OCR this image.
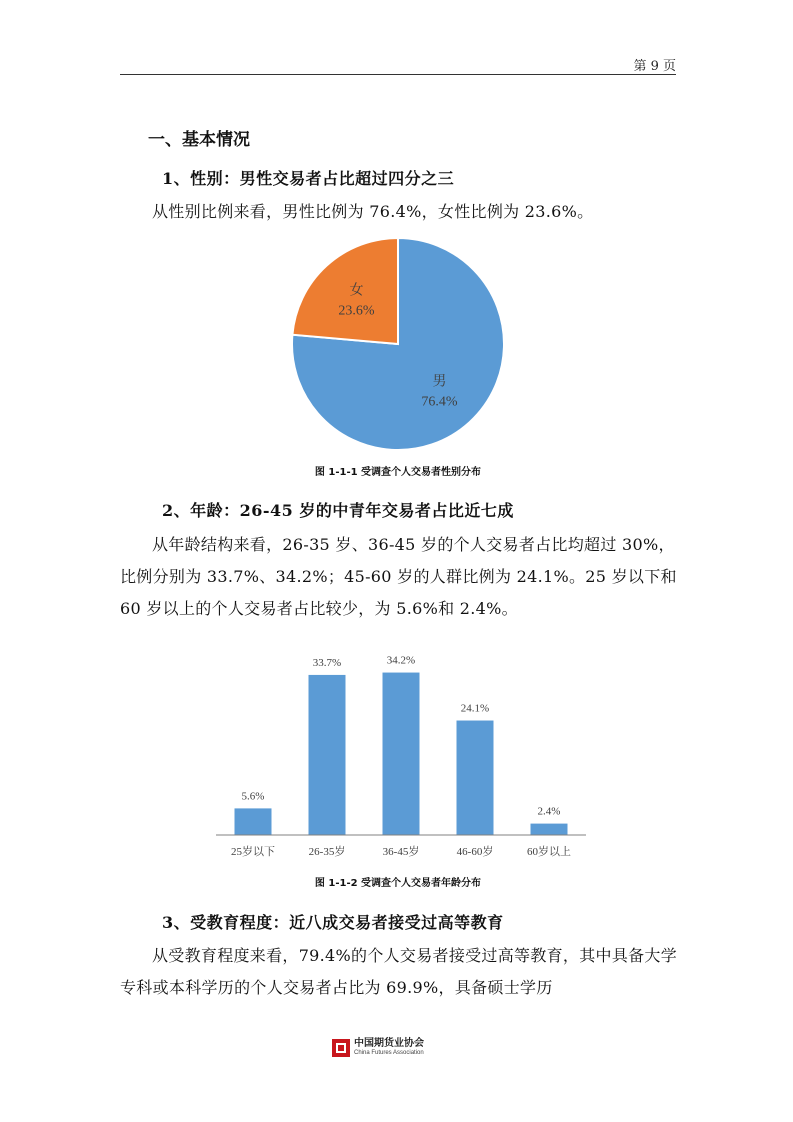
第 9 页
一、基本情况
1、性别：男性交易者占比超过四分之三

从性别比例来看，男性比例为 76.4%，女性比例为 23.6%。

男
76.4%
女
23.6%
图 1-1-1 受调查个人交易者性别分布
2、年龄：26-45 岁的中青年交易者占比近七成

从年龄结构来看，26-35 岁、36-45 岁的个人交易者占比均超过 30%，比例分别为 33.7%、34.2%；45-60 岁的人群比例为 24.1%。25 岁以下和 60 岁以上的个人交易者占比较少，为 5.6%和 2.4%。

5.6%
25岁以下
33.7%
26-35岁
34.2%
36-45岁
24.1%
46-60岁
2.4%
60岁以上
图 1-1-2 受调查个人交易者年龄分布
3、受教育程度：近八成交易者接受过高等教育

从受教育程度来看，79.4%的个人交易者接受过高等教育，其中具备大学专科或本科学历的个人交易者占比为 69.9%，具备硕士学历

中国期货业协会
China Futures Association
